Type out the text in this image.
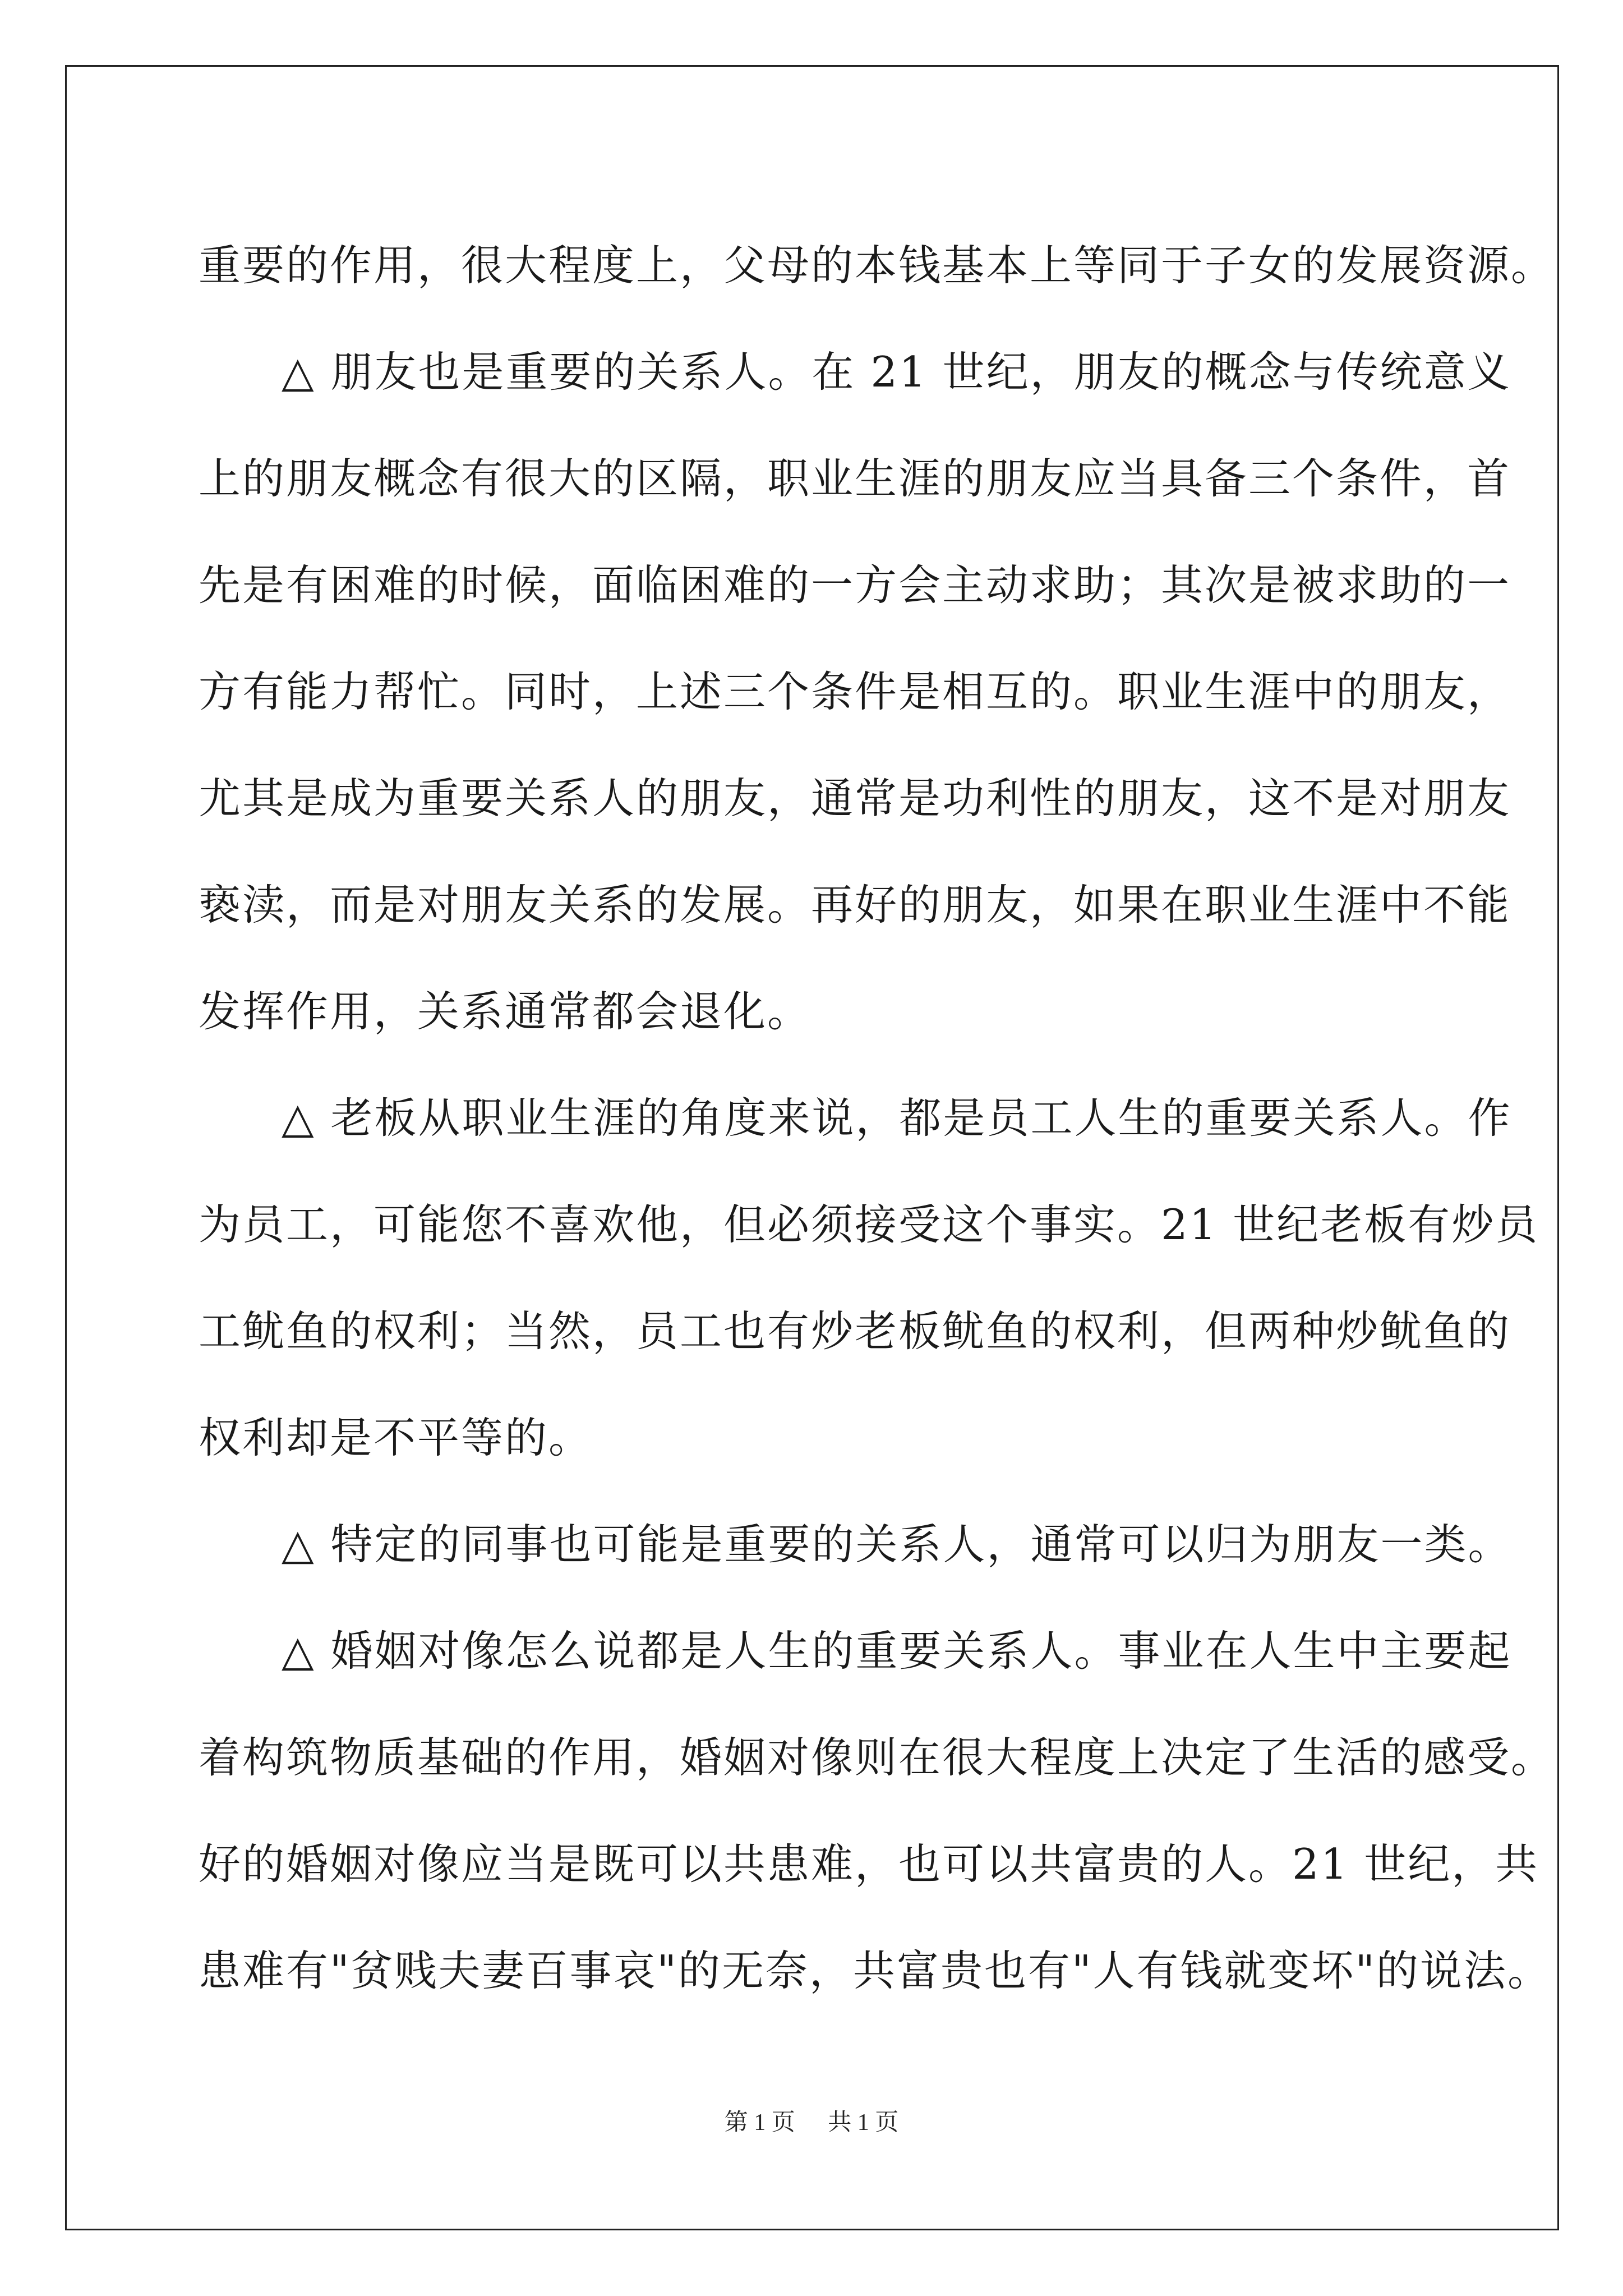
重要的作用，很大程度上，父母的本钱基本上等同于子女的发展资源。
△ 朋友也是重要的关系人。在 21 世纪，朋友的概念与传统意义
上的朋友概念有很大的区隔，职业生涯的朋友应当具备三个条件，首
先是有困难的时候，面临困难的一方会主动求助；其次是被求助的一
方有能力帮忙。同时，上述三个条件是相互的。职业生涯中的朋友，
尤其是成为重要关系人的朋友，通常是功利性的朋友，这不是对朋友
亵渎，而是对朋友关系的发展。再好的朋友，如果在职业生涯中不能
发挥作用，关系通常都会退化。
△ 老板从职业生涯的角度来说，都是员工人生的重要关系人。作
为员工，可能您不喜欢他，但必须接受这个事实。21 世纪老板有炒员
工鱿鱼的权利；当然，员工也有炒老板鱿鱼的权利，但两种炒鱿鱼的
权利却是不平等的。
△ 特定的同事也可能是重要的关系人，通常可以归为朋友一类。
△ 婚姻对像怎么说都是人生的重要关系人。事业在人生中主要起
着构筑物质基础的作用，婚姻对像则在很大程度上决定了生活的感受。
好的婚姻对像应当是既可以共患难，也可以共富贵的人。21 世纪，共
患难有"贫贱夫妻百事哀"的无奈，共富贵也有"人有钱就变坏"的说法。
第 1 页 共 1 页
